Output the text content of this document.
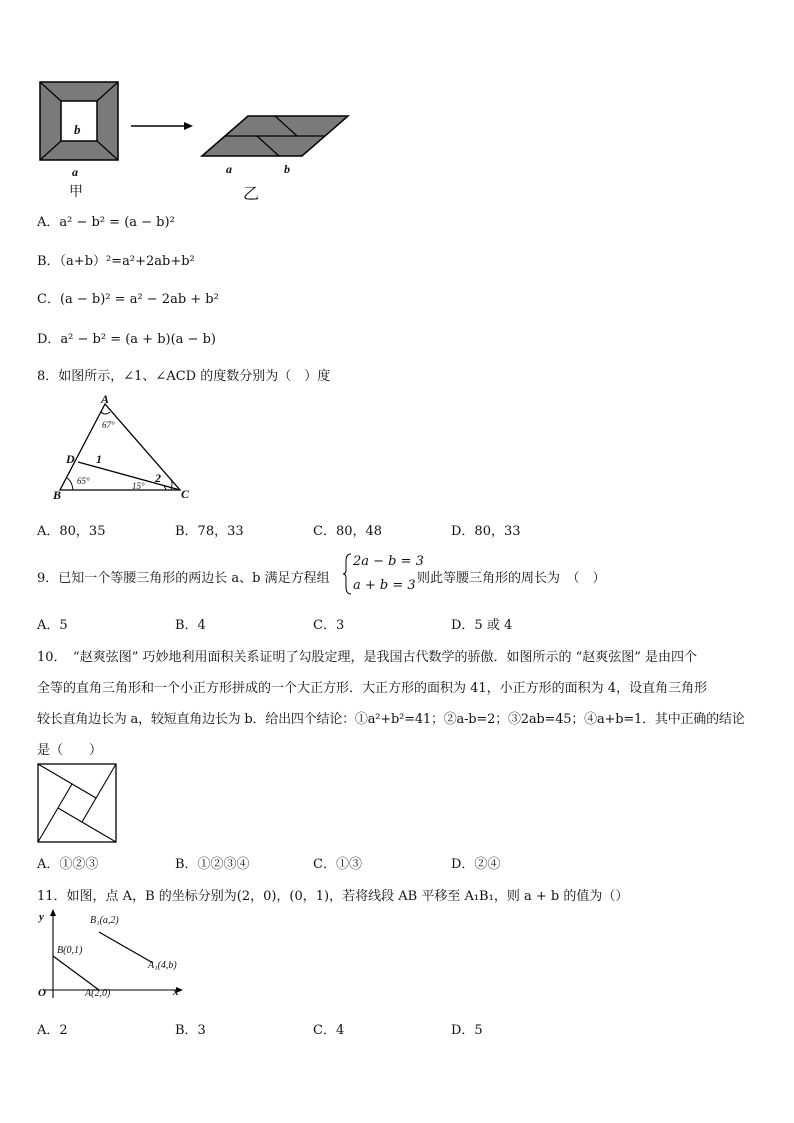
b
a
甲
a	b
乙
A．a² − b² = (a − b)²
B．（a+b）²=a²+2ab+b²
C．(a − b)² = a² − 2ab + b²
D．a² − b² = (a + b)(a − b)
8．如图所示，∠1、∠ACD 的度数分别为（　）度
A
D
B	C
1
2
67°
65°	15°
A．80，35	B．78，33	C．80，48	D．80，33
9．已知一个等腰三角形的两边长 a、b 满足方程组
2a − b = 3
a + b = 3 则此等腰三角形的周长为　（　）
A．5	B．4	C．3	D．5 或 4
10．　“赵爽弦图” 巧妙地利用面积关系证明了勾股定理，是我国古代数学的骄傲．如图所示的 “赵爽弦图” 是由四个
全等的直角三角形和一个小正方形拼成的一个大正方形．大正方形的面积为 41，小正方形的面积为 4，设直角三角形
较长直角边长为 a，较短直角边长为 b．给出四个结论：①a²+b²=41；②a-b=2；③2ab=45；④a+b=1．其中正确的结论
是（　　）
A．①②③	B．①②③④	C．①③	D．②④
11．如图，点 A，B 的坐标分别为(2，0)，(0，1)，若将线段 AB 平移至 A₁B₁，则 a + b 的值为（）
y
x
O
B(0,1)
A(2,0)
B₁(a,2)
A₁(4,b)
A．2	B．3	C．4	D．5
